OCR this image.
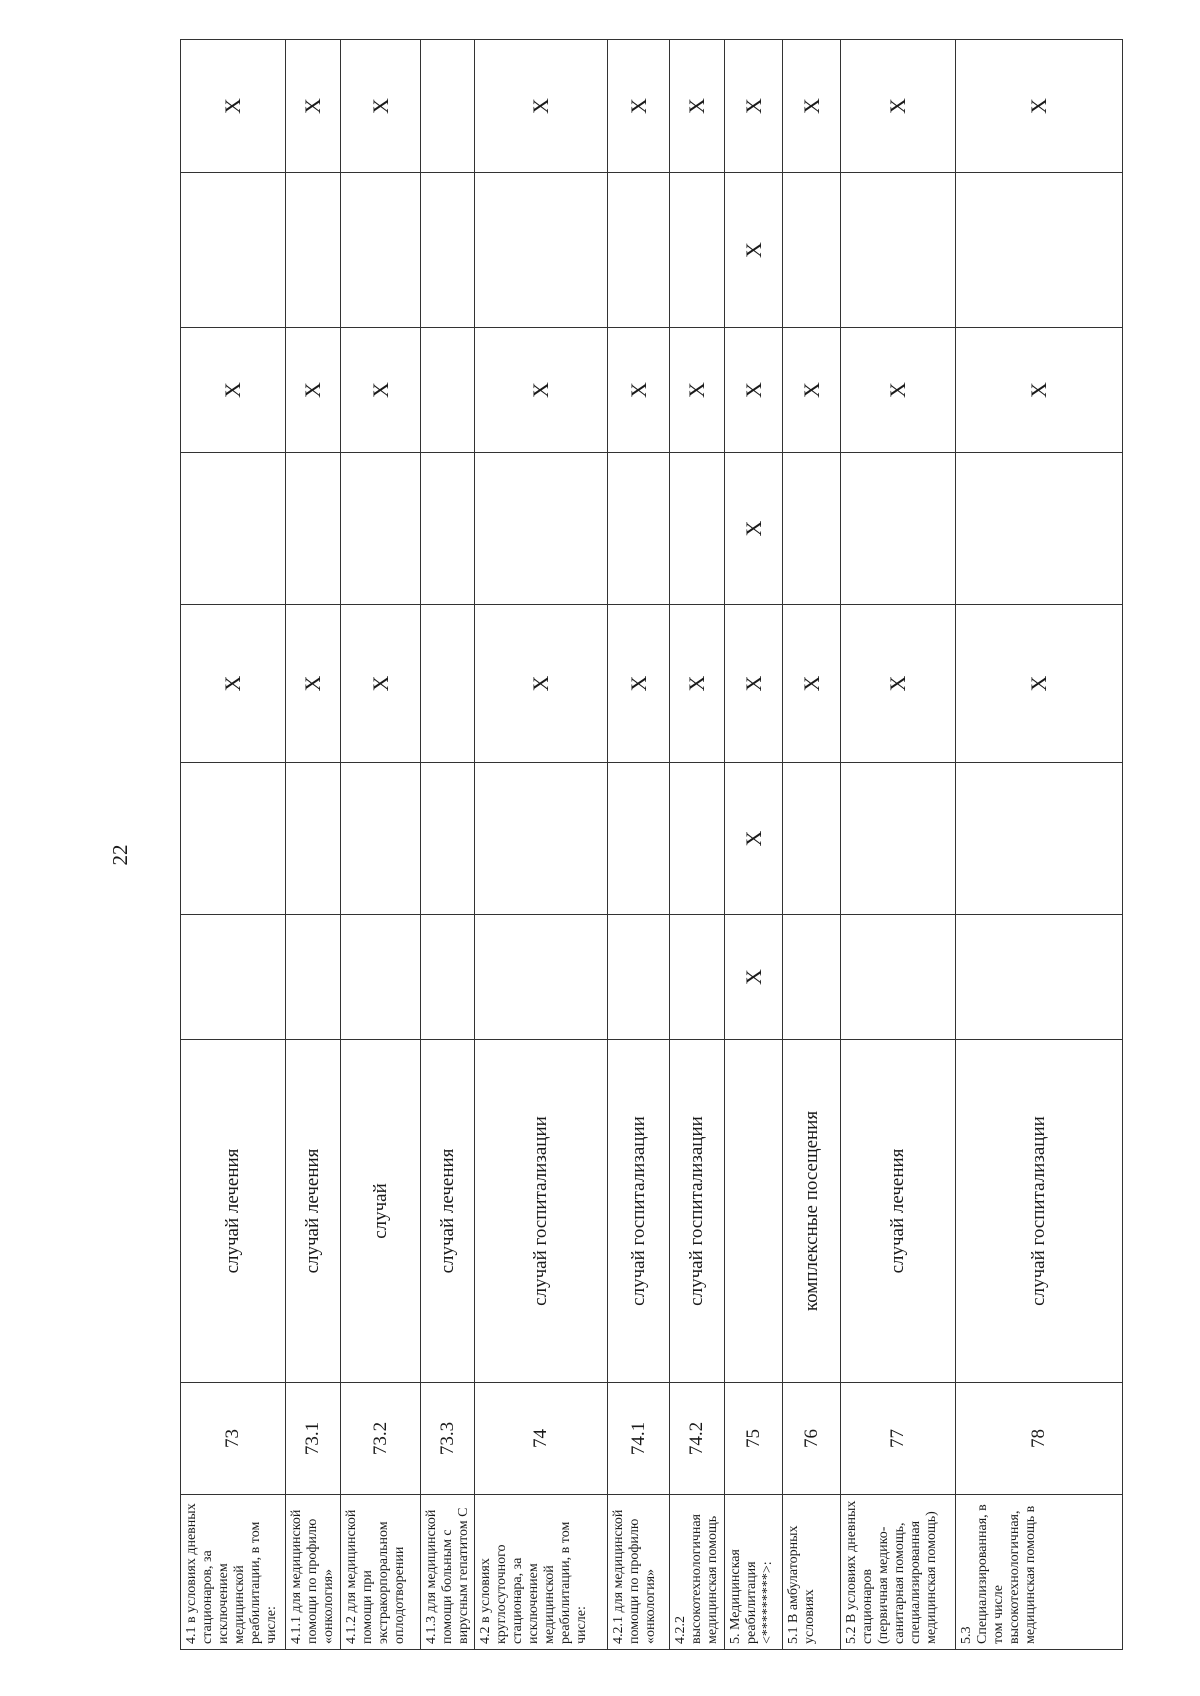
22
4.1 в условиях дневных стационаров, за исключением медицинской реабилитации, в том числе:	73	случай лечения			X		X		X
4.1.1 для медицинской помощи по профилю «онкология»	73.1	случай лечения			X		X		X
4.1.2 для медицинской помощи при экстракорпоральном оплодотворении	73.2	случай			X		X		X
4.1.3 для медицинской помощи больным с вирусным гепатитом С	73.3	случай лечения							
4.2 в условиях круглосуточного стационара, за исключением медицинской реабилитации, в том числе:	74	случай госпитализации			X		X		X
4.2.1 для медицинской помощи по профилю «онкология»	74.1	случай госпитализации			X		X		X
4.2.2 высокотехнологичная медицинская помощь	74.2	случай госпитализации			X		X		X
5. Медицинская реабилитация <*********>:	75		X	X	X	X	X	X	X
5.1 В амбулаторных условиях	76	комплексные посещения			X		X		X
5.2 В условиях дневных стационаров (первичная медико-санитарная помощь, специализированная медицинская помощь)	77	случай лечения			X		X		X
5.3 Специализированная, в том числе высокотехнологичная, медицинская помощь в	78	случай госпитализации			X		X		X
